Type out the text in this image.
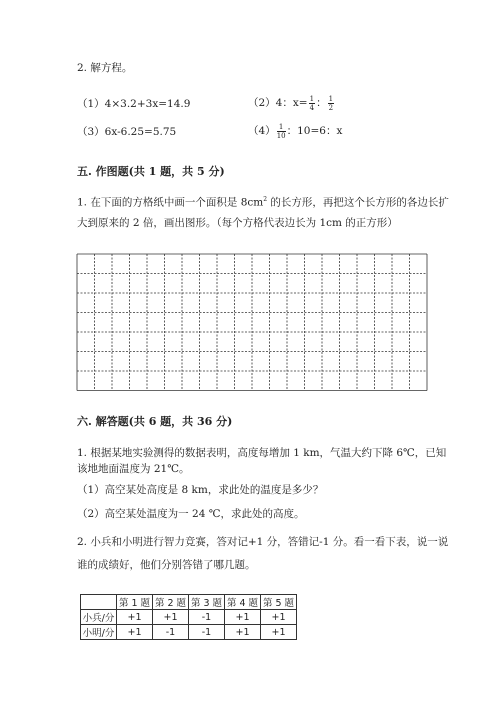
2. 解方程。
（1）4×3.2+3x=14.9	（2）4：$x= \frac{1}{4}$ ： $\frac{1}{2}$
（3）6x-6.25=5.75	$(4) \frac{1}{10}$ ：10=6：x
五. 作图题(共 1 题，共 5 分)
1. 在下面的方格纸中画一个面积是 $8cm^2$ 的长方形，再把这个长方形的各边长扩
大到原来的 2 倍，画出图形。（每个方格代表边长为 1cm 的正方形）
六. 解答题(共 6 题，共 36 分)
1. 根据某地实验测得的数据表明，高度每增加 1 km，气温大约下降 6℃，已知
该地地面温度为 21℃。
（1）高空某处高度是 8 km，求此处的温度是多少？
（2）高空某处温度为一 24 ℃，求此处的高度。
2. 小兵和小明进行智力竞赛，答对记+1 分，答错记-1 分。看一看下表，说一说
谁的成绩好，他们分别答错了哪几题。
	第 1 题	第 2 题	第 3 题	第 4 题	第 5 题
小兵/分	+1	+1	-1	+1	+1
小明/分	+1	-1	-1	+1	+1
